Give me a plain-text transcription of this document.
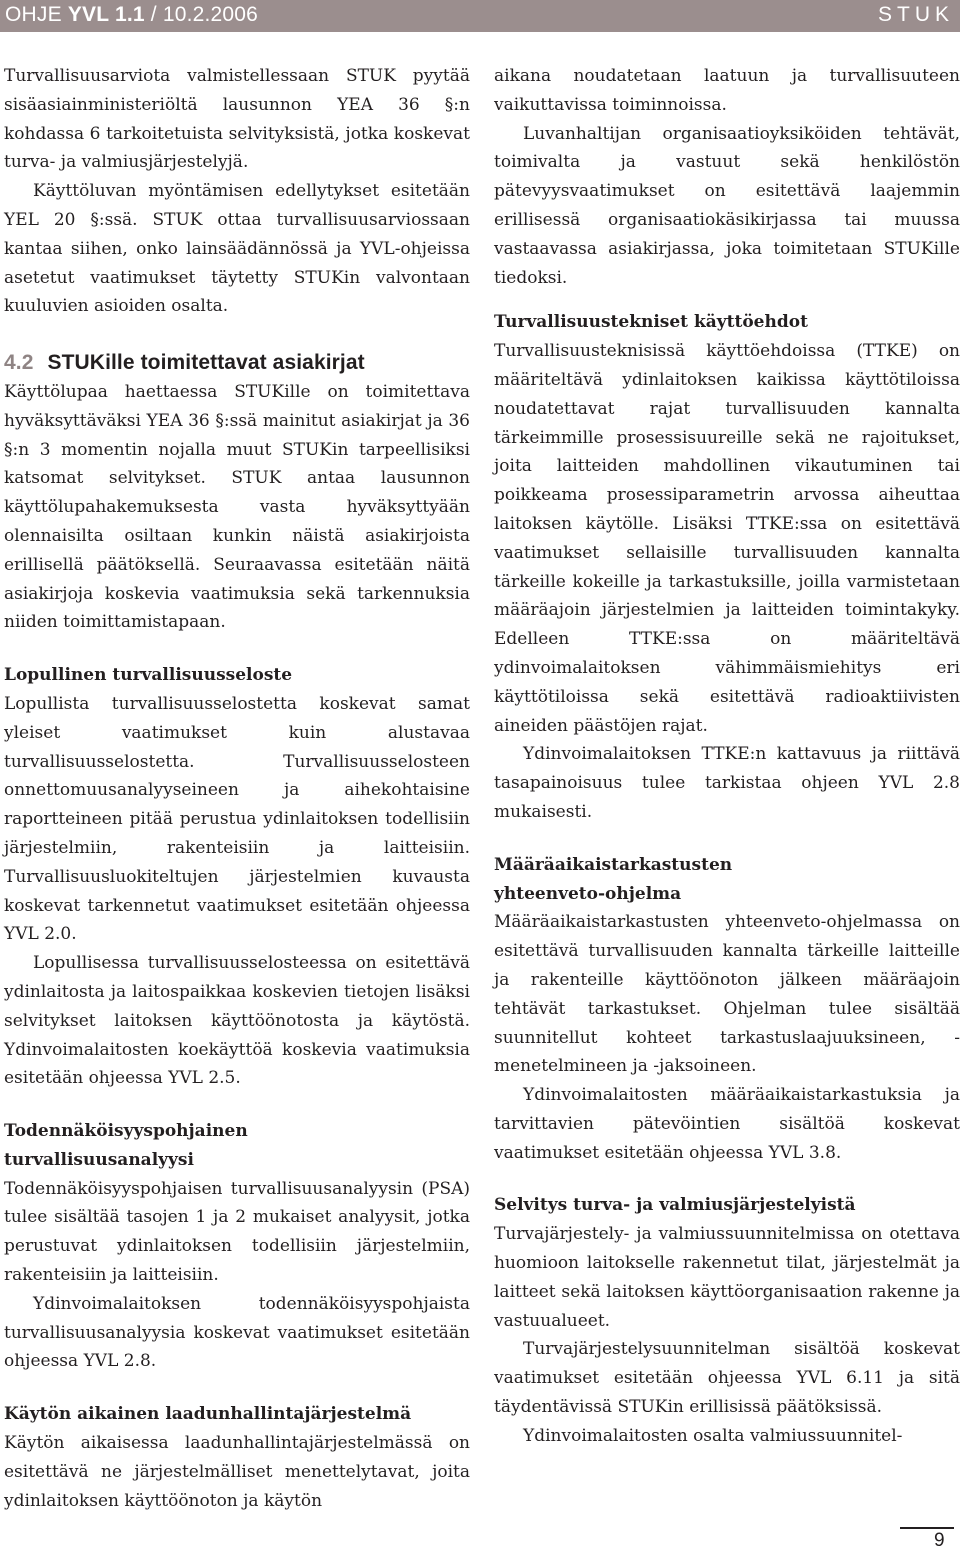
OHJE YVL 1.1 / 10.2.2006	STUK

Turvallisuusarviota valmistellessaan STUK pyytää sisäasiainministeriöltä lausunnon YEA 36 §:n kohdassa 6 tarkoitetuista selvityksistä, jotka koskevat turva- ja valmiusjärjestelyjä.

Käyttöluvan myöntämisen edellytykset esitetään YEL 20 §:ssä. STUK ottaa turvallisuusarviossaan kantaa siihen, onko lainsäädännössä ja YVL-ohjeissa asetetut vaatimukset täytetty STUKin valvontaan kuuluvien asioiden osalta.

4.2 STUKille toimitettavat asiakirjat

Käyttölupaa haettaessa STUKille on toimitettava hyväksyttäväksi YEA 36 §:ssä mainitut asiakirjat ja 36 §:n 3 momentin nojalla muut STUKin tarpeellisiksi katsomat selvitykset. STUK antaa lausunnon käyttölupahakemuksesta vasta hyväksyttyään olennaisilta osiltaan kunkin näistä asiakirjoista erillisellä päätöksellä. Seuraavassa esitetään näitä asiakirjoja koskevia vaatimuksia sekä tarkennuksia niiden toimittamistapaan.

Lopullinen turvallisuusseloste

Lopullista turvallisuusselostetta koskevat samat yleiset vaatimukset kuin alustavaa turvallisuusselostetta. Turvallisuusselosteen onnettomuusanalyyseineen ja aihekohtaisine raportteineen pitää perustua ydinlaitoksen todellisiin järjestelmiin, rakenteisiin ja laitteisiin. Turvallisuusluokiteltujen järjestelmien kuvausta koskevat tarkennetut vaatimukset esitetään ohjeessa YVL 2.0.

Lopullisessa turvallisuusselosteessa on esitettävä ydinlaitosta ja laitospaikkaa koskevien tietojen lisäksi selvitykset laitoksen käyttöönotosta ja käytöstä. Ydinvoimalaitosten koekäyttöä koskevia vaatimuksia esitetään ohjeessa YVL 2.5.

Todennäköisyyspohjainen
turvallisuusanalyysi

Todennäköisyyspohjaisen turvallisuusanalyysin (PSA) tulee sisältää tasojen 1 ja 2 mukaiset analyysit, jotka perustuvat ydinlaitoksen todellisiin järjestelmiin, rakenteisiin ja laitteisiin.

Ydinvoimalaitoksen todennäköisyyspohjaista turvallisuusanalyysia koskevat vaatimukset esitetään ohjeessa YVL 2.8.

Käytön aikainen laadunhallintajärjestelmä

Käytön aikaisessa laadunhallintajärjestelmässä on esitettävä ne järjestelmälliset menettelytavat, joita ydinlaitoksen käyttöönoton ja käytön

aikana noudatetaan laatuun ja turvallisuuteen vaikuttavissa toiminnoissa.

Luvanhaltijan organisaatioyksiköiden tehtävät, toimivalta ja vastuut sekä henkilöstön pätevyysvaatimukset on esitettävä laajemmin erillisessä organisaatiokäsikirjassa tai muussa vastaavassa asiakirjassa, joka toimitetaan STUKille tiedoksi.

Turvallisuustekniset käyttöehdot

Turvallisuusteknisissä käyttöehdoissa (TTKE) on määriteltävä ydinlaitoksen kaikissa käyttötiloissa noudatettavat rajat turvallisuuden kannalta tärkeimmille prosessisuureille sekä ne rajoitukset, joita laitteiden mahdollinen vikautuminen tai poikkeama prosessiparametrin arvossa aiheuttaa laitoksen käytölle. Lisäksi TTKE:ssa on esitettävä vaatimukset sellaisille turvallisuuden kannalta tärkeille kokeille ja tarkastuksille, joilla varmistetaan määräajoin järjestelmien ja laitteiden toimintakyky. Edelleen TTKE:ssa on määriteltävä ydinvoimalaitoksen vähimmäismiehitys eri käyttötiloissa sekä esitettävä radioaktiivisten aineiden päästöjen rajat.

Ydinvoimalaitoksen TTKE:n kattavuus ja riittävä tasapainoisuus tulee tarkistaa ohjeen YVL 2.8 mukaisesti.

Määräaikaistarkastusten
yhteenveto-ohjelma

Määräaikaistarkastusten yhteenveto-ohjelmassa on esitettävä turvallisuuden kannalta tärkeille laitteille ja rakenteille käyttöönoton jälkeen määräajoin tehtävät tarkastukset. Ohjelman tulee sisältää suunnitellut kohteet tarkastuslaajuuksineen, -menetelmineen ja -jaksoineen.

Ydinvoimalaitosten määräaikaistarkastuksia ja tarvittavien pätevöintien sisältöä koskevat vaatimukset esitetään ohjeessa YVL 3.8.

Selvitys turva- ja valmiusjärjestelyistä

Turvajärjestely- ja valmiussuunnitelmissa on otettava huomioon laitokselle rakennetut tilat, järjestelmät ja laitteet sekä laitoksen käyttöorganisaation rakenne ja vastuualueet.

Turvajärjestelysuunnitelman sisältöä koskevat vaatimukset esitetään ohjeessa YVL 6.11 ja sitä täydentävissä STUKin erillisissä päätöksissä.

Ydinvoimalaitosten osalta valmiussuunnitel-

9
